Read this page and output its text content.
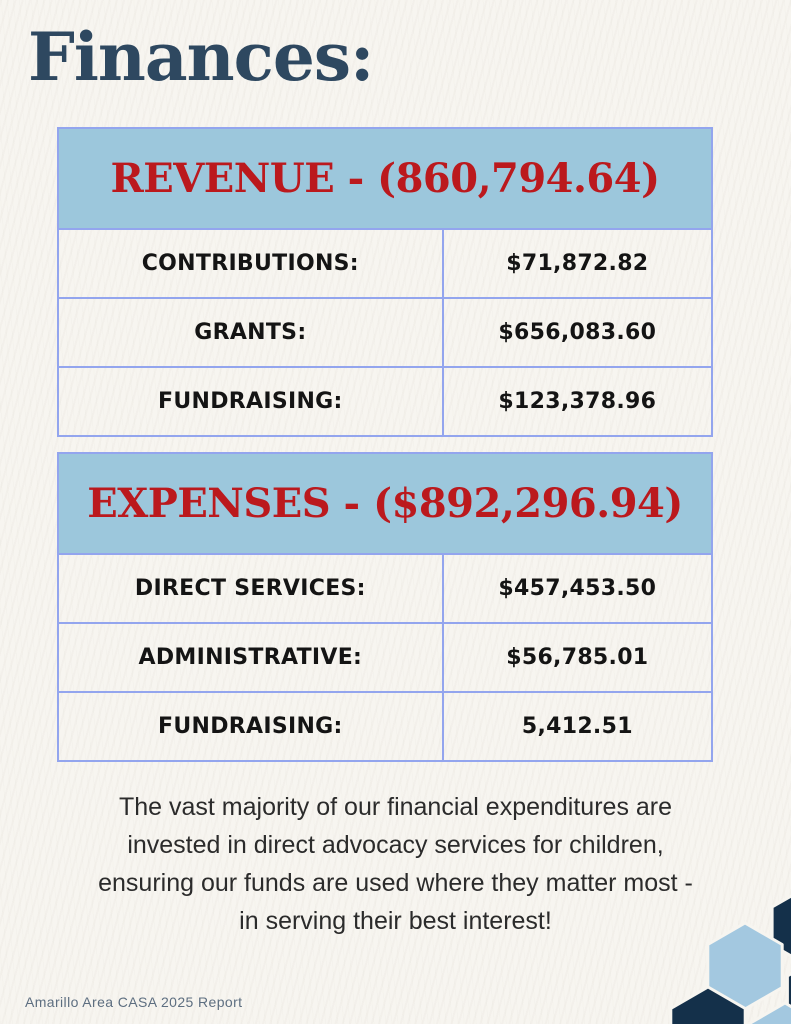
Finances:
REVENUE - (860,794.64)
CONTRIBUTIONS:	$71,872.82
GRANTS:	$656,083.60
FUNDRAISING:	$123,378.96
EXPENSES - ($892,296.94)
DIRECT SERVICES:	$457,453.50
ADMINISTRATIVE:	$56,785.01
FUNDRAISING:	5,412.51
The vast majority of our financial expenditures are invested in direct advocacy services for children, ensuring our funds are used where they matter most - in serving their best interest!
Amarillo Area CASA 2025 Report
